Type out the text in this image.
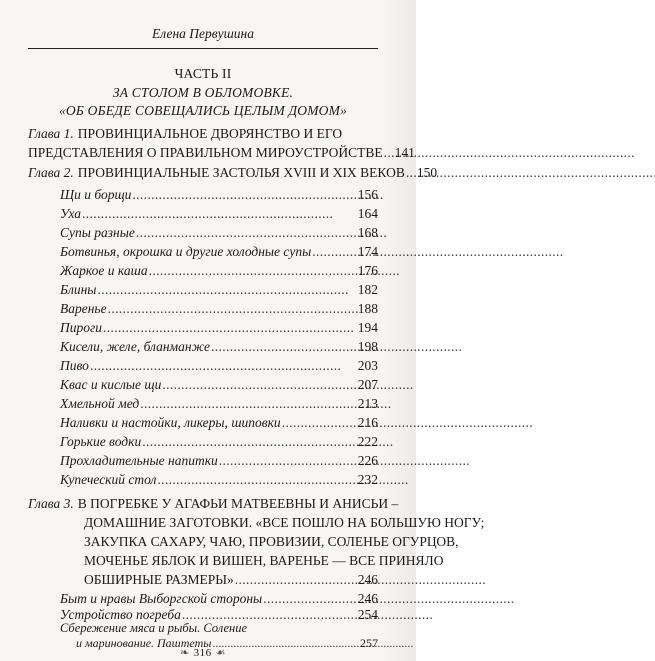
Елена Первушина
ЧАСТЬ II
ЗА СТОЛОМ В ОБЛОМОВКЕ.
«ОБ ОБЕДЕ СОВЕЩАЛИСЬ ЦЕЛЫМ ДОМОМ»
Глава 1. ПРОВИНЦИАЛЬНОЕ ДВОРЯНСТВО И ЕГО
ПРЕДСТАВЛЕНИЯ О ПРАВИЛЬНОМ МИРОУСТРОЙСТВЕ . . . 141
Глава 2. ПРОВИНЦИАЛЬНЫЕ ЗАСТОЛЬЯ XVIII И XIX ВЕКОВ . . . 150
Щи и борщи . . .	156
Уха . . .	164
Супы разные . . .	168
Ботвинья, окрошка и другие холодные супы . . .	174
Жаркое и каша . . .	176
Блины . . .	182
Варенье . . .	188
Пироги . . .	194
Кисели, желе, бланманже . . .	198
Пиво . . .	203
Квас и кислые щи . . .	207
Хмельной мед . . .	213
Наливки и настойки, ликеры, шиповки . . .	216
Горькие водки . . .	222
Прохладительные напитки . . .	226
Купеческий стол . . .	232
Глава 3. В ПОГРЕБКЕ У АГАФЬИ МАТВЕЕВНЫ И АНИСЬИ –
ДОМАШНИЕ ЗАГОТОВКИ. «ВСЕ ПОШЛО НА БОЛЬШУЮ НОГУ;
ЗАКУПКА САХАРУ, ЧАЮ, ПРОВИЗИИ, СОЛЕНЬЕ ОГУРЦОВ,
МОЧЕНЬЕ ЯБЛОК И ВИШЕН, ВАРЕНЬЕ — ВСЕ ПРИНЯЛО
ОБШИРНЫЕ РАЗМЕРЫ» . . .	246
Быт и нравы Выборгской стороны . . .	246
Устройство погреба . . .	254
Сбережение мяса и рыбы. Соление
и маринование. Паштеты . . .	257
❧ 316 ☙
